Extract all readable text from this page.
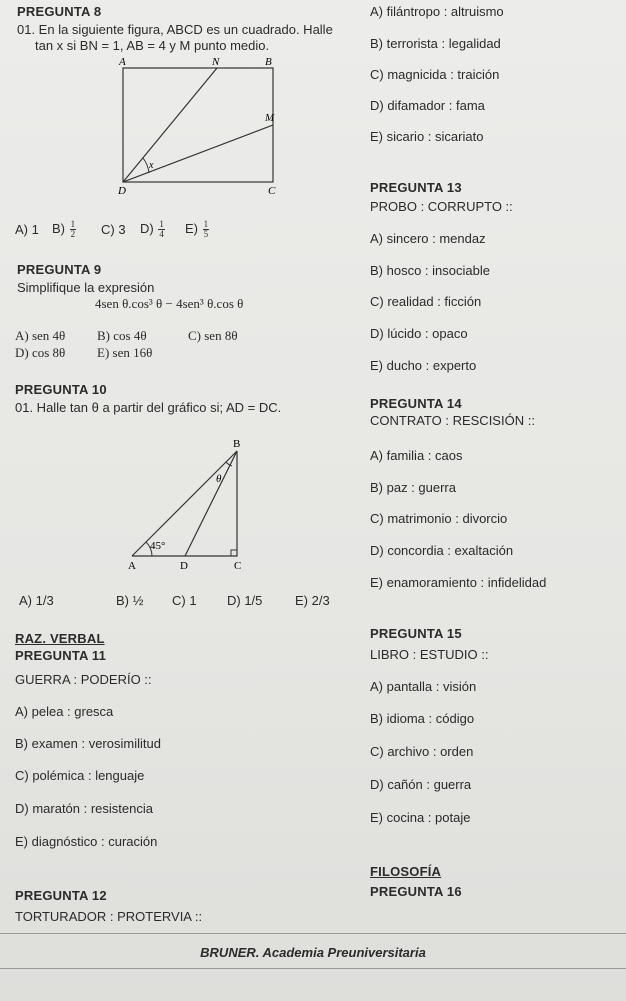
PREGUNTA 8
01. En la siguiente figura, ABCD es un cuadrado. Halle
tan x si BN = 1, AB = 4 y M punto medio.
A	N	B
M
x
D	C
A) 1 $B) \frac{1}{2} C$) 3 $D) \frac{1}{4} E) \frac{1}{5}$
PREGUNTA 9
Simplifique la expresión
4sen θ.cos³ θ − 4sen³ θ.cos θ
A) sen 4θ B) cos 4θ	C) sen 8θ
D) cos 8θ E) sen 16θ
PREGUNTA 10
01. Halle tan θ a partir del gráfico si; AD = DC.
B
θ
45°
A	D	C
A) 1/3	B) ½ C) 1 D) 1/5	E) 2/3
RAZ. VERBAL
PREGUNTA 11
GUERRA : PODERÍO ::
A) pelea : gresca
B) examen : verosimilitud
C) polémica : lenguaje
D) maratón : resistencia
E) diagnóstico : curación
PREGUNTA 12
TORTURADOR : PROTERVIA ::
A) filántropo : altruismo
B) terrorista : legalidad
C) magnicida : traición
D) difamador : fama
E) sicario : sicariato
PREGUNTA 13
PROBO : CORRUPTO ::
A) sincero : mendaz
B) hosco : insociable
C) realidad : ficción
D) lúcido : opaco
E) ducho : experto
PREGUNTA 14
CONTRATO : RESCISIÓN ::
A) familia : caos
B) paz : guerra
C) matrimonio : divorcio
D) concordia : exaltación
E) enamoramiento : infidelidad
PREGUNTA 15
LIBRO : ESTUDIO ::
A) pantalla : visión
B) idioma : código
C) archivo : orden
D) cañón : guerra
E) cocina : potaje
FILOSOFÍA
PREGUNTA 16
BRUNER. Academia Preuniversitaria
